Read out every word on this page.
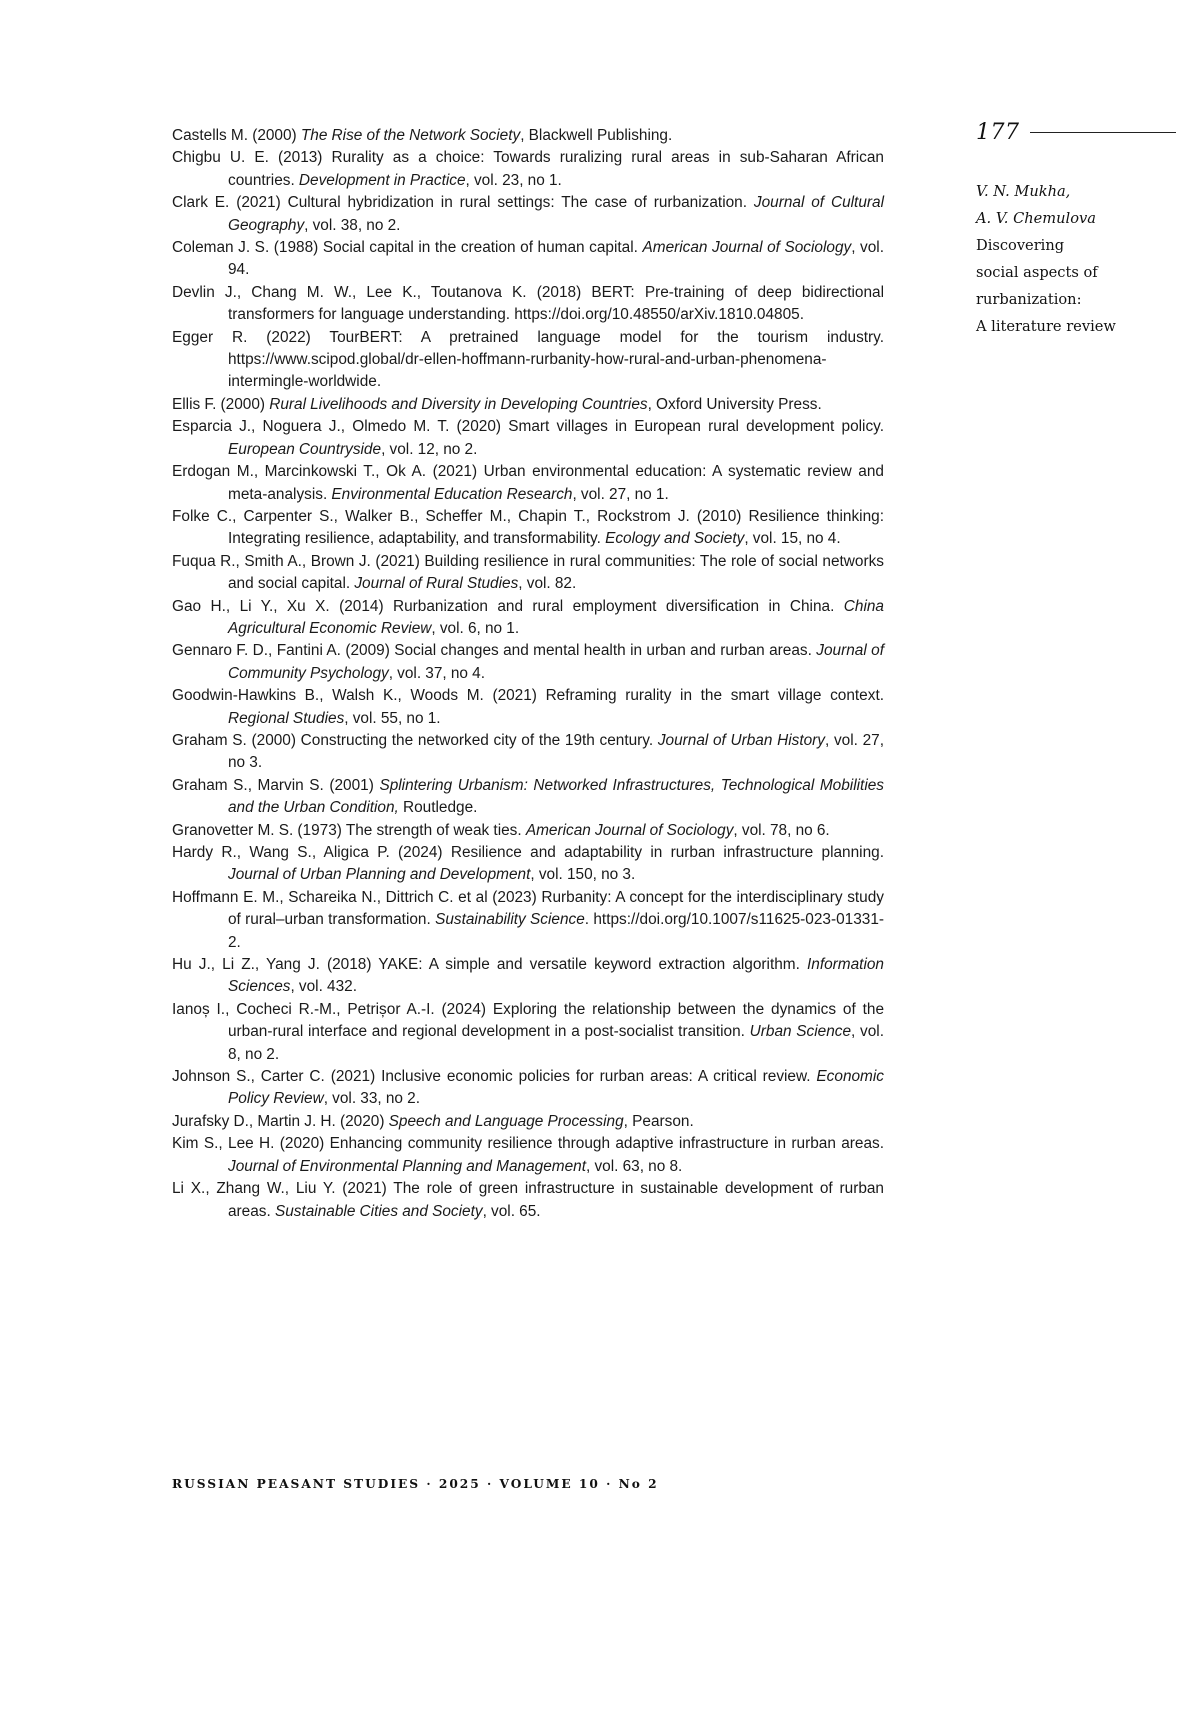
Castells M. (2000) The Rise of the Network Society, Blackwell Publishing.
Chigbu U. E. (2013) Rurality as a choice: Towards ruralizing rural areas in sub-Saharan African countries. Development in Practice, vol. 23, no 1.
Clark E. (2021) Cultural hybridization in rural settings: The case of rurbanization. Journal of Cultural Geography, vol. 38, no 2.
Coleman J. S. (1988) Social capital in the creation of human capital. American Journal of Sociology, vol. 94.
Devlin J., Chang M. W., Lee K., Toutanova K. (2018) BERT: Pre-training of deep bidirectional transformers for language understanding. https://doi.org/10.48550/arXiv.1810.04805.
Egger R. (2022) TourBERT: A pretrained language model for the tourism industry. https://www.scipod.global/dr-ellen-hoffmann-rurbanity-how-rural-and-urban-phenomena-intermingle-worldwide.
Ellis F. (2000) Rural Livelihoods and Diversity in Developing Countries, Oxford University Press.
Esparcia J., Noguera J., Olmedo M. T. (2020) Smart villages in European rural development policy. European Countryside, vol. 12, no 2.
Erdogan M., Marcinkowski T., Ok A. (2021) Urban environmental education: A systematic review and meta-analysis. Environmental Education Research, vol. 27, no 1.
Folke C., Carpenter S., Walker B., Scheffer M., Chapin T., Rockstrom J. (2010) Resilience thinking: Integrating resilience, adaptability, and transformability. Ecology and Society, vol. 15, no 4.
Fuqua R., Smith A., Brown J. (2021) Building resilience in rural communities: The role of social networks and social capital. Journal of Rural Studies, vol. 82.
Gao H., Li Y., Xu X. (2014) Rurbanization and rural employment diversification in China. China Agricultural Economic Review, vol. 6, no 1.
Gennaro F. D., Fantini A. (2009) Social changes and mental health in urban and rurban areas. Journal of Community Psychology, vol. 37, no 4.
Goodwin-Hawkins B., Walsh K., Woods M. (2021) Reframing rurality in the smart village context. Regional Studies, vol. 55, no 1.
Graham S. (2000) Constructing the networked city of the 19th century. Journal of Urban History, vol. 27, no 3.
Graham S., Marvin S. (2001) Splintering Urbanism: Networked Infrastructures, Technological Mobilities and the Urban Condition, Routledge.
Granovetter M. S. (1973) The strength of weak ties. American Journal of Sociology, vol. 78, no 6.
Hardy R., Wang S., Aligica P. (2024) Resilience and adaptability in rurban infrastructure planning. Journal of Urban Planning and Development, vol. 150, no 3.
Hoffmann E. M., Schareika N., Dittrich C. et al (2023) Rurbanity: A concept for the interdisciplinary study of rural–urban transformation. Sustainability Science. https://doi.org/10.1007/s11625-023-01331-2.
Hu J., Li Z., Yang J. (2018) YAKE: A simple and versatile keyword extraction algorithm. Information Sciences, vol. 432.
Ianoș I., Cocheci R.-M., Petrișor A.-I. (2024) Exploring the relationship between the dynamics of the urban-rural interface and regional development in a post-socialist transition. Urban Science, vol. 8, no 2.
Johnson S., Carter C. (2021) Inclusive economic policies for rurban areas: A critical review. Economic Policy Review, vol. 33, no 2.
Jurafsky D., Martin J. H. (2020) Speech and Language Processing, Pearson.
Kim S., Lee H. (2020) Enhancing community resilience through adaptive infrastructure in rurban areas. Journal of Environmental Planning and Management, vol. 63, no 8.
Li X., Zhang W., Liu Y. (2021) The role of green infrastructure in sustainable development of rurban areas. Sustainable Cities and Society, vol. 65.
177
V. N. Mukha,
A. V. Chemulova
Discovering
social aspects of
rurbanization:
A literature review
RUSSIAN PEASANT STUDIES · 2025 · VOLUME 10 · No 2
